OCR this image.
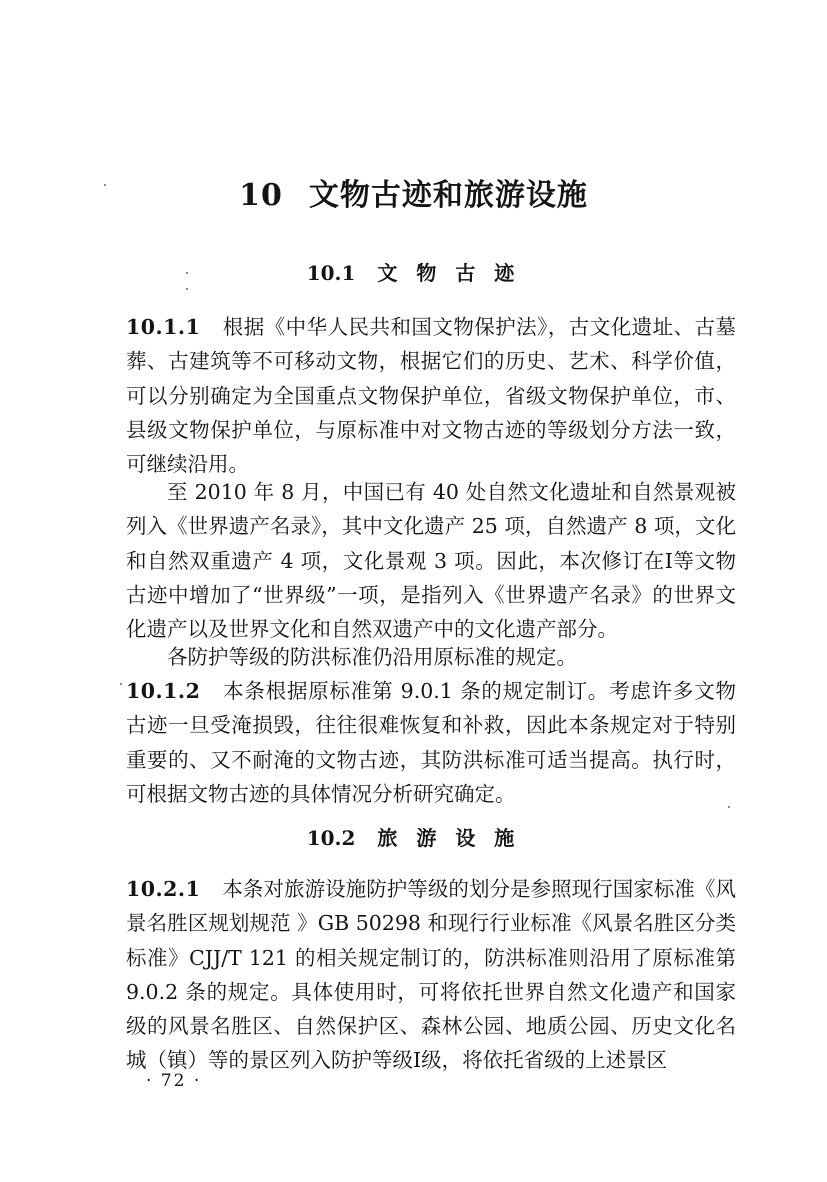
10 文物古迹和旅游设施
10.1 文 物 古 迹

10.1.1 根据《中华人民共和国文物保护法》，古文化遗址、古墓葬、古建筑等不可移动文物，根据它们的历史、艺术、科学价值，可以分别确定为全国重点文物保护单位，省级文物保护单位，市、县级文物保护单位，与原标准中对文物古迹的等级划分方法一致，可继续沿用。

至 2010 年 8 月，中国已有 40 处自然文化遗址和自然景观被列入《世界遗产名录》，其中文化遗产 25 项，自然遗产 8 项，文化和自然双重遗产 4 项，文化景观 3 项。因此，本次修订在Ⅰ等文物古迹中增加了“世界级”一项，是指列入《世界遗产名录》的世界文化遗产以及世界文化和自然双遗产中的文化遗产部分。

各防护等级的防洪标准仍沿用原标准的规定。

10.1.2 本条根据原标准第 9.0.1 条的规定制订。考虑许多文物古迹一旦受淹损毁，往往很难恢复和补救，因此本条规定对于特别重要的、又不耐淹的文物古迹，其防洪标准可适当提高。执行时，可根据文物古迹的具体情况分析研究确定。

10.2 旅 游 设 施

10.2.1 本条对旅游设施防护等级的划分是参照现行国家标准《风景名胜区规划规范 》GB 50298 和现行行业标准《风景名胜区分类标准》CJJ/T 121 的相关规定制订的，防洪标准则沿用了原标准第 9.0.2 条的规定。具体使用时，可将依托世界自然文化遗产和国家级的风景名胜区、自然保护区、森林公园、地质公园、历史文化名城（镇）等的景区列入防护等级Ⅰ级，将依托省级的上述景区

· 72 ·
